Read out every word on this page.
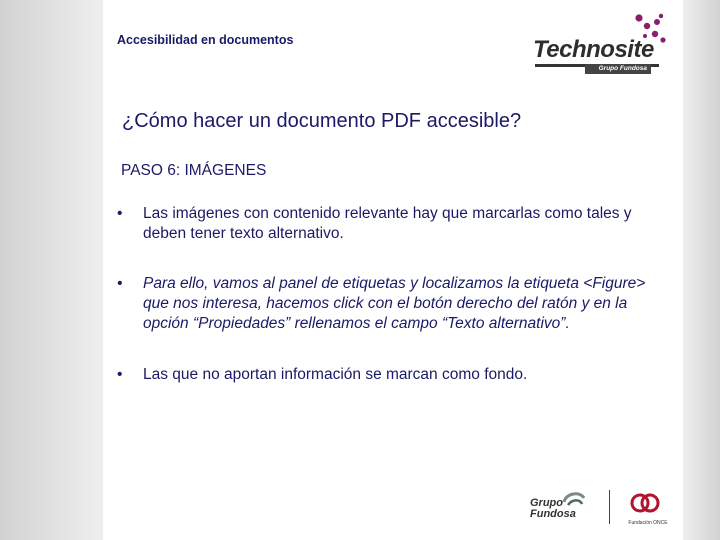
Accesibilidad en documentos	Technosite
Grupo Fundosa
¿Cómo hacer un documento PDF accesible?
PASO 6: IMÁGENES
• Las imágenes con contenido relevante hay que marcarlas como tales y deben tener texto alternativo.
• Para ello, vamos al panel de etiquetas y localizamos la etiqueta <Figure> que nos interesa, hacemos click con el botón derecho del ratón y en la opción “Propiedades” rellenamos el campo “Texto alternativo”.
• Las que no aportan información se marcan como fondo.
Grupo
Fundosa
Fundación ONCE
